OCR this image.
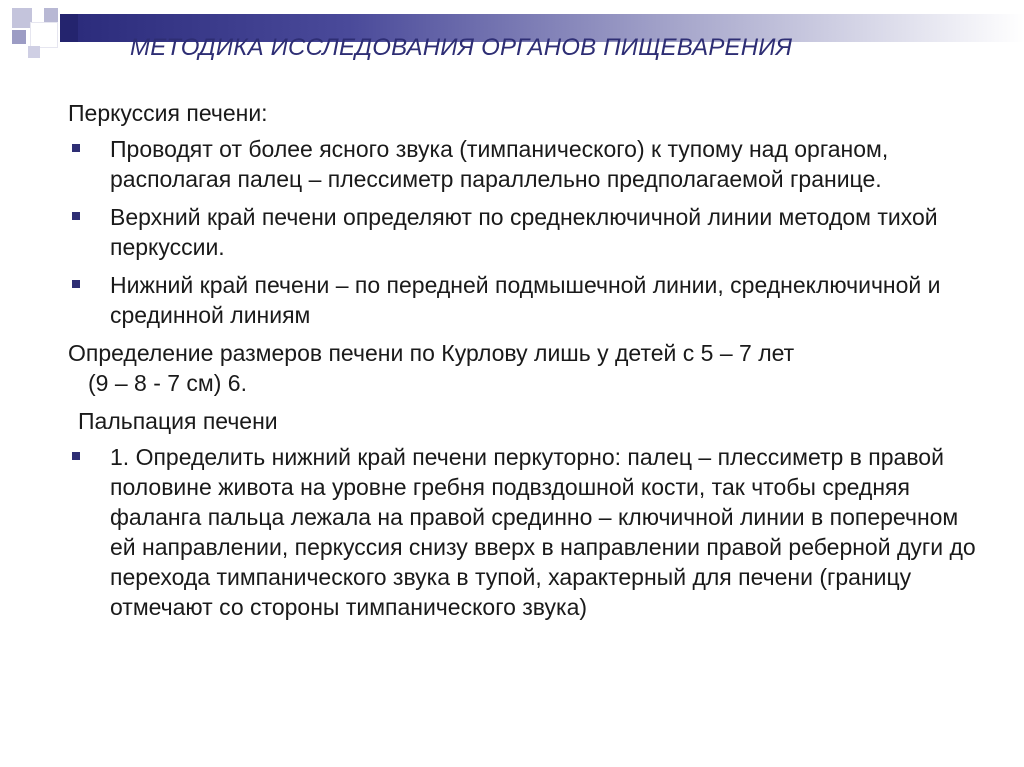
МЕТОДИКА ИССЛЕДОВАНИЯ ОРГАНОВ ПИЩЕВАРЕНИЯ

Перкуссия печени:

Проводят от более ясного звука (тимпанического) к тупому над органом, располагая палец – плессиметр параллельно предполагаемой границе.
Верхний край печени определяют по среднеключичной линии методом тихой перкуссии.
Нижний край печени – по передней подмышечной линии, среднеключичной и срединной линиям

Определение размеров печени по Курлову лишь у детей с 5 – 7 лет

(9 – 8 - 7 см) 6.

Пальпация печени

1. Определить нижний край печени перкуторно: палец – плессиметр в правой половине живота на уровне гребня подвздошной кости, так чтобы средняя фаланга пальца лежала на правой срединно – ключичной линии в поперечном ей направлении, перкуссия снизу вверх в направлении правой реберной дуги до перехода тимпанического звука в тупой, характерный для печени (границу отмечают со стороны тимпанического звука)
